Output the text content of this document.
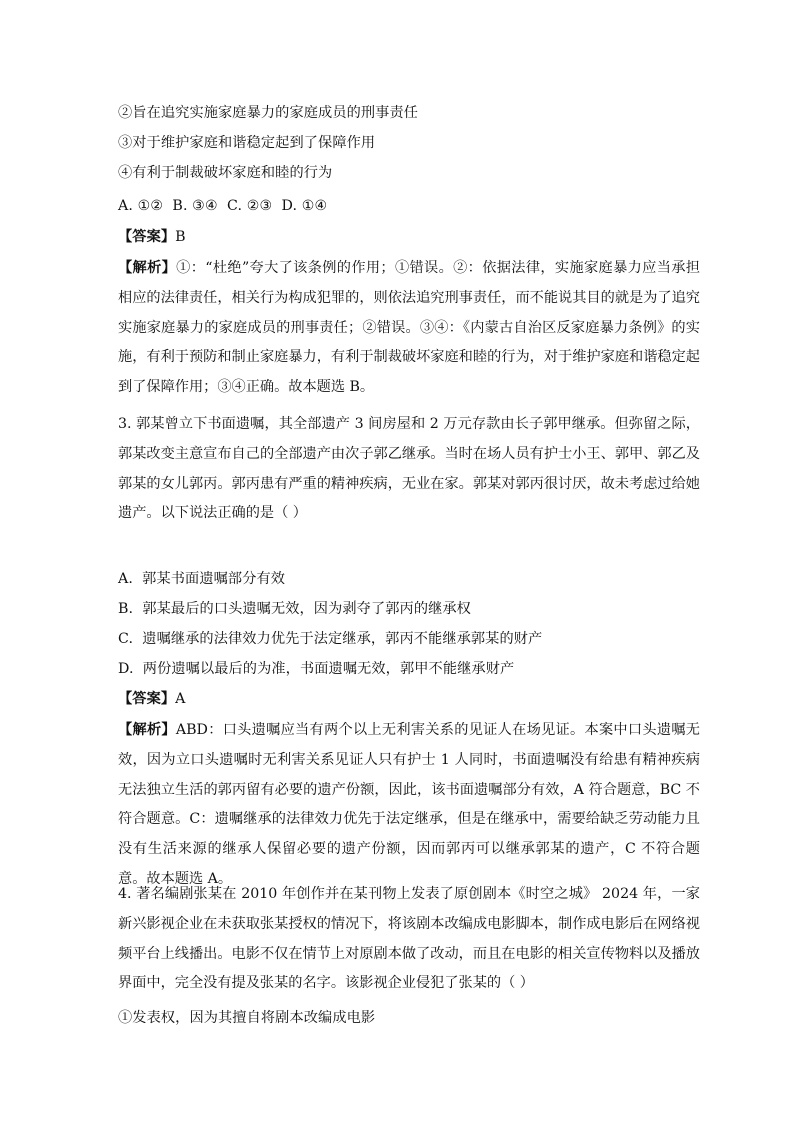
②旨在追究实施家庭暴力的家庭成员的刑事责任
③对于维护家庭和谐稳定起到了保障作用
④有利于制裁破坏家庭和睦的行为
A. ①②  B. ③④  C. ②③  D. ①④
【答案】B
【解析】①：“杜绝”夸大了该条例的作用；①错误。②：依据法律，实施家庭暴力应当承担相应的法律责任，相关行为构成犯罪的，则依法追究刑事责任，而不能说其目的就是为了追究实施家庭暴力的家庭成员的刑事责任；②错误。③④：《内蒙古自治区反家庭暴力条例》的实施，有利于预防和制止家庭暴力，有利于制裁破坏家庭和睦的行为，对于维护家庭和谐稳定起到了保障作用；③④正确。故本题选 B。
3. 郭某曾立下书面遗嘱，其全部遗产 3 间房屋和 2 万元存款由长子郭甲继承。但弥留之际，郭某改变主意宣布自己的全部遗产由次子郭乙继承。当时在场人员有护士小王、郭甲、郭乙及郭某的女儿郭丙。郭丙患有严重的精神疾病，无业在家。郭某对郭丙很讨厌，故未考虑过给她遗产。以下说法正确的是（ ）
A.  郭某书面遗嘱部分有效
B.  郭某最后的口头遗嘱无效，因为剥夺了郭丙的继承权
C.  遗嘱继承的法律效力优先于法定继承，郭丙不能继承郭某的财产
D.  两份遗嘱以最后的为准，书面遗嘱无效，郭甲不能继承财产
【答案】A
【解析】ABD：口头遗嘱应当有两个以上无利害关系的见证人在场见证。本案中口头遗嘱无效，因为立口头遗嘱时无利害关系见证人只有护士 1 人同时，书面遗嘱没有给患有精神疾病无法独立生活的郭丙留有必要的遗产份额，因此，该书面遗嘱部分有效，A 符合题意，BC 不符合题意。C：遗嘱继承的法律效力优先于法定继承，但是在继承中，需要给缺乏劳动能力且没有生活来源的继承人保留必要的遗产份额，因而郭丙可以继承郭某的遗产，C 不符合题意。故本题选 A。
4. 著名编剧张某在 2010 年创作并在某刊物上发表了原创剧本《时空之城》 2024 年，一家新兴影视企业在未获取张某授权的情况下，将该剧本改编成电影脚本，制作成电影后在网络视频平台上线播出。电影不仅在情节上对原剧本做了改动，而且在电影的相关宣传物料以及播放界面中，完全没有提及张某的名字。该影视企业侵犯了张某的（ ）
①发表权，因为其擅自将剧本改编成电影
